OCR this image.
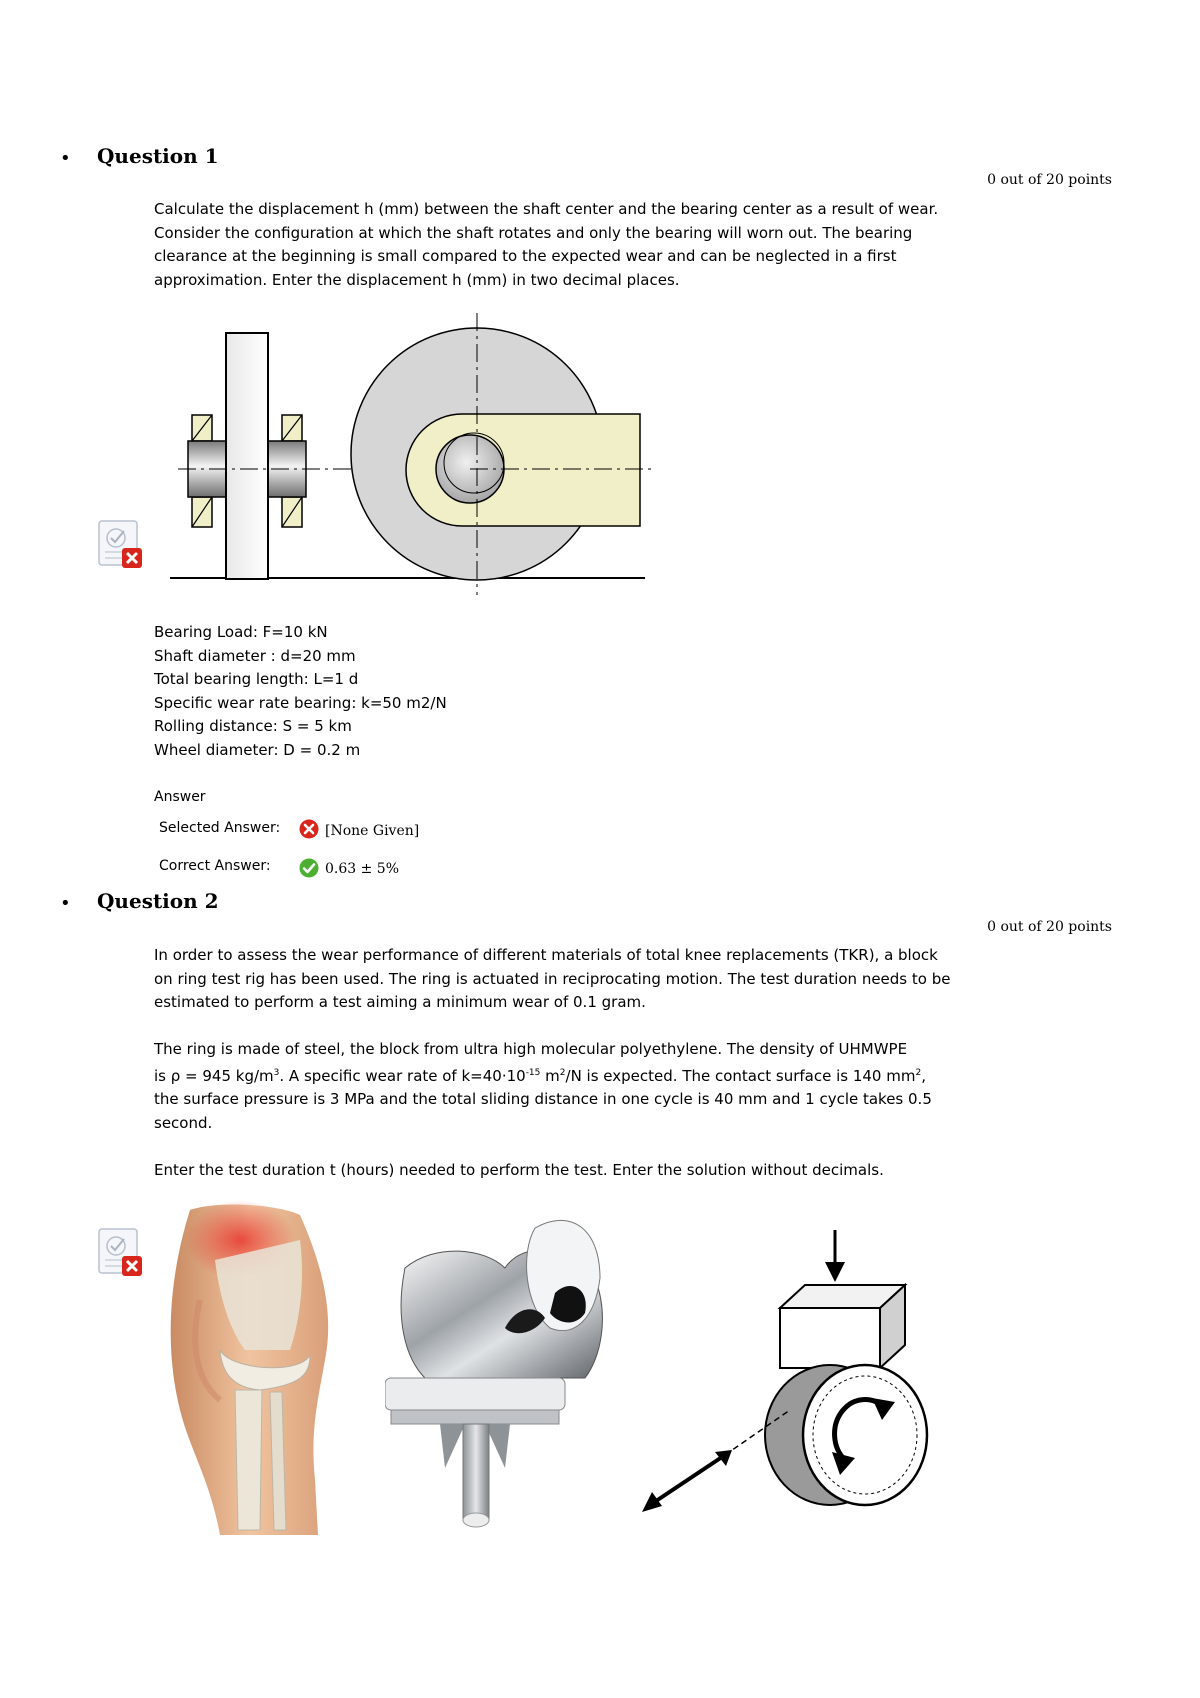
• Question 1
0 out of 20 points
Calculate the displacement h (mm) between the shaft center and the bearing center as a result of wear.
Consider the configuration at which the shaft rotates and only the bearing will worn out. The bearing
clearance at the beginning is small compared to the expected wear and can be neglected in a first
approximation. Enter the displacement h (mm) in two decimal places.
Bearing Load: F=10 kN
Shaft diameter : d=20 mm
Total bearing length: L=1 d
Specific wear rate bearing: k=50 m2/N
Rolling distance: S = 5 km
Wheel diameter: D = 0.2 m
Answer
Selected Answer:	[None Given]
Correct Answer:	0.63 ± 5%
• Question 2
0 out of 20 points
In order to assess the wear performance of different materials of total knee replacements (TKR), a block
on ring test rig has been used. The ring is actuated in reciprocating motion. The test duration needs to be
estimated to perform a test aiming a minimum wear of 0.1 gram.
The ring is made of steel, the block from ultra high molecular polyethylene. The density of UHMWPE
is ρ = 945 $kg/m^3$. A specific wear rate of $k=40\cdot 10^{-15}$ $m^2/N$ is expected. The contact surface is 140 $mm^2$,
the surface pressure is 3 MPa and the total sliding distance in one cycle is 40 mm and 1 cycle takes 0.5
second.
Enter the test duration t (hours) needed to perform the test. Enter the solution without decimals.
